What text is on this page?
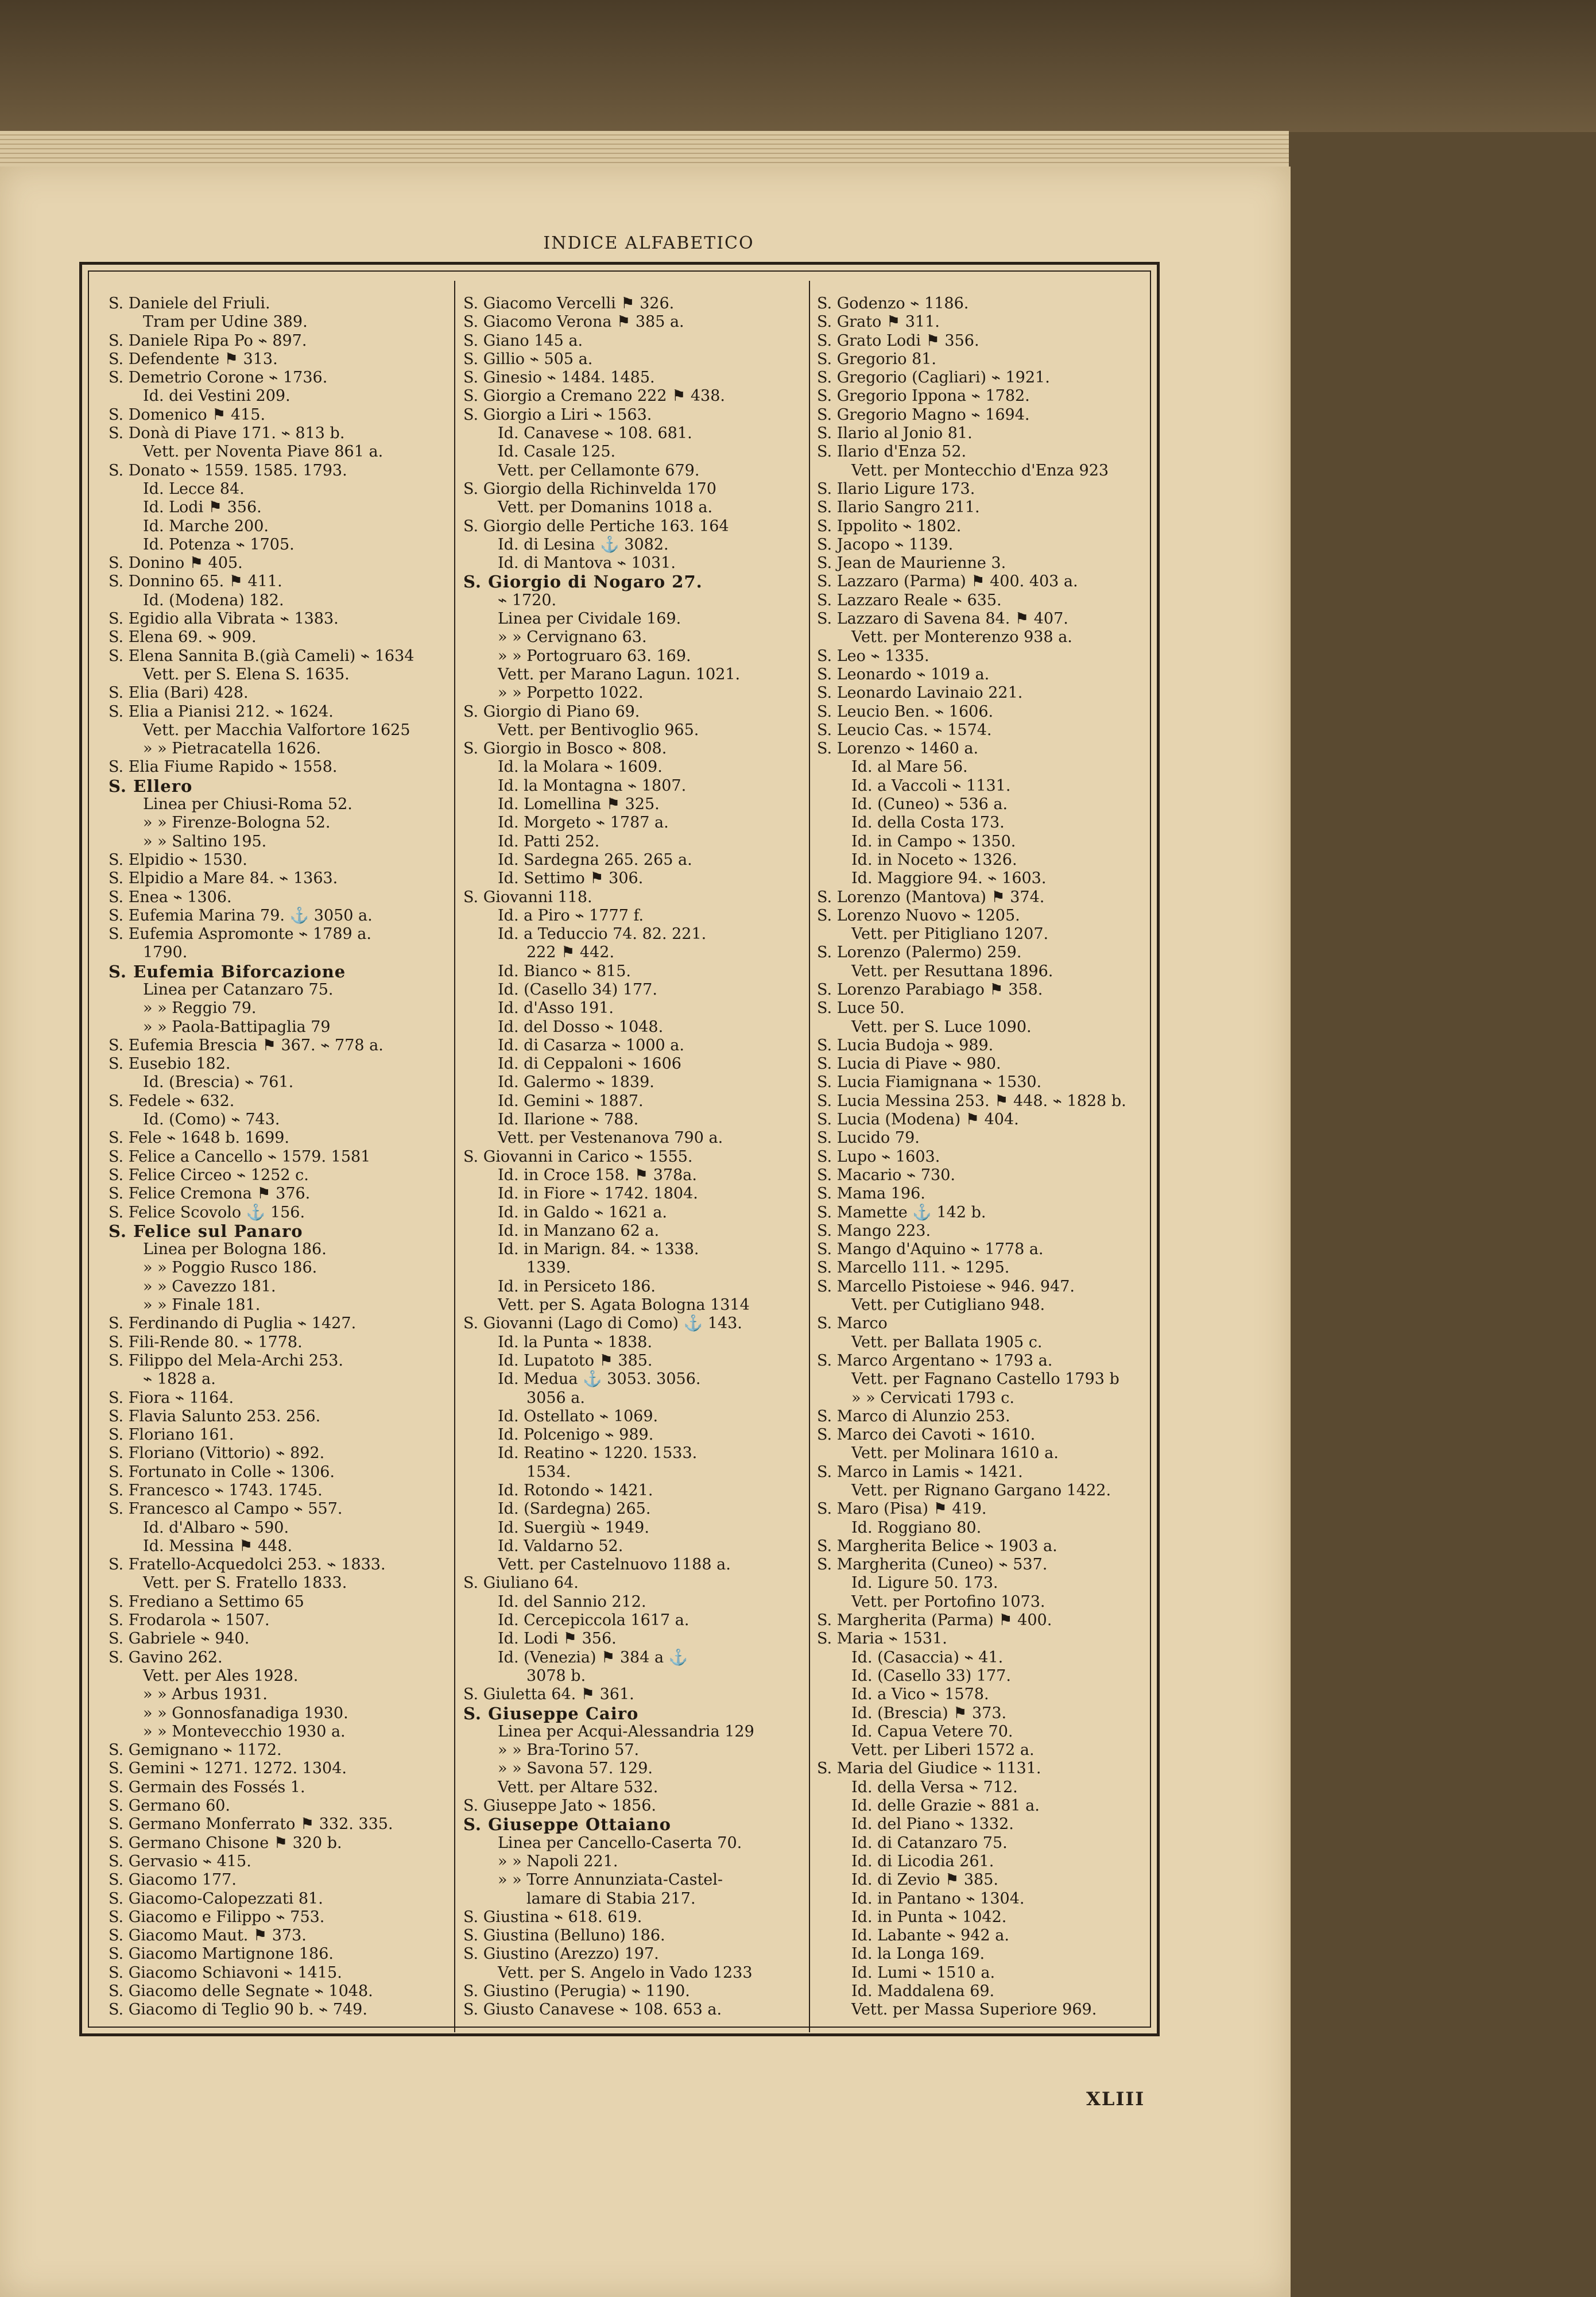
INDICE ALFABETICO
S. Daniele del Friuli.
Tram per Udine 389.
S. Daniele Ripa Po ⌁ 897.
S. Defendente ⚑ 313.
S. Demetrio Corone ⌁ 1736.
Id. dei Vestini 209.
S. Domenico ⚑ 415.
S. Donà di Piave 171. ⌁ 813 b.
Vett. per Noventa Piave 861 a.
S. Donato ⌁ 1559. 1585. 1793.
Id. Lecce 84.
Id. Lodi ⚑ 356.
Id. Marche 200.
Id. Potenza ⌁ 1705.
S. Donino ⚑ 405.
S. Donnino 65. ⚑ 411.
Id. (Modena) 182.
S. Egidio alla Vibrata ⌁ 1383.
S. Elena 69. ⌁ 909.
S. Elena Sannita B.(già Cameli) ⌁ 1634
Vett. per S. Elena S. 1635.
S. Elia (Bari) 428.
S. Elia a Pianisi 212. ⌁ 1624.
Vett. per Macchia Valfortore 1625
» » Pietracatella 1626.
S. Elia Fiume Rapido ⌁ 1558.
S. Ellero
Linea per Chiusi-Roma 52.
» » Firenze-Bologna 52.
» » Saltino 195.
S. Elpidio ⌁ 1530.
S. Elpidio a Mare 84. ⌁ 1363.
S. Enea ⌁ 1306.
S. Eufemia Marina 79. ⚓ 3050 a.
S. Eufemia Aspromonte ⌁ 1789 a.
1790.
S. Eufemia Biforcazione
Linea per Catanzaro 75.
» » Reggio 79.
» » Paola-Battipaglia 79
S. Eufemia Brescia ⚑ 367. ⌁ 778 a.
S. Eusebio 182.
Id. (Brescia) ⌁ 761.
S. Fedele ⌁ 632.
Id. (Como) ⌁ 743.
S. Fele ⌁ 1648 b. 1699.
S. Felice a Cancello ⌁ 1579. 1581
S. Felice Circeo ⌁ 1252 c.
S. Felice Cremona ⚑ 376.
S. Felice Scovolo ⚓ 156.
S. Felice sul Panaro
Linea per Bologna 186.
» » Poggio Rusco 186.
» » Cavezzo 181.
» » Finale 181.
S. Ferdinando di Puglia ⌁ 1427.
S. Fili-Rende 80. ⌁ 1778.
S. Filippo del Mela-Archi 253.
⌁ 1828 a.
S. Fiora ⌁ 1164.
S. Flavia Salunto 253. 256.
S. Floriano 161.
S. Floriano (Vittorio) ⌁ 892.
S. Fortunato in Colle ⌁ 1306.
S. Francesco ⌁ 1743. 1745.
S. Francesco al Campo ⌁ 557.
Id. d'Albaro ⌁ 590.
Id. Messina ⚑ 448.
S. Fratello-Acquedolci 253. ⌁ 1833.
Vett. per S. Fratello 1833.
S. Frediano a Settimo 65
S. Frodarola ⌁ 1507.
S. Gabriele ⌁ 940.
S. Gavino 262.
Vett. per Ales 1928.
» » Arbus 1931.
» » Gonnosfanadiga 1930.
» » Montevecchio 1930 a.
S. Gemignano ⌁ 1172.
S. Gemini ⌁ 1271. 1272. 1304.
S. Germain des Fossés 1.
S. Germano 60.
S. Germano Monferrato ⚑ 332. 335.
S. Germano Chisone ⚑ 320 b.
S. Gervasio ⌁ 415.
S. Giacomo 177.
S. Giacomo-Calopezzati 81.
S. Giacomo e Filippo ⌁ 753.
S. Giacomo Maut. ⚑ 373.
S. Giacomo Martignone 186.
S. Giacomo Schiavoni ⌁ 1415.
S. Giacomo delle Segnate ⌁ 1048.
S. Giacomo di Teglio 90 b. ⌁ 749.
S. Giacomo Vercelli ⚑ 326.
S. Giacomo Verona ⚑ 385 a.
S. Giano 145 a.
S. Gillio ⌁ 505 a.
S. Ginesio ⌁ 1484. 1485.
S. Giorgio a Cremano 222 ⚑ 438.
S. Giorgio a Liri ⌁ 1563.
Id. Canavese ⌁ 108. 681.
Id. Casale 125.
Vett. per Cellamonte 679.
S. Giorgio della Richinvelda 170
Vett. per Domanins 1018 a.
S. Giorgio delle Pertiche 163. 164
Id. di Lesina ⚓ 3082.
Id. di Mantova ⌁ 1031.
S. Giorgio di Nogaro 27.
⌁ 1720.
Linea per Cividale 169.
» » Cervignano 63.
» » Portogruaro 63. 169.
Vett. per Marano Lagun. 1021.
» » Porpetto 1022.
S. Giorgio di Piano 69.
Vett. per Bentivoglio 965.
S. Giorgio in Bosco ⌁ 808.
Id. la Molara ⌁ 1609.
Id. la Montagna ⌁ 1807.
Id. Lomellina ⚑ 325.
Id. Morgeto ⌁ 1787 a.
Id. Patti 252.
Id. Sardegna 265. 265 a.
Id. Settimo ⚑ 306.
S. Giovanni 118.
Id. a Piro ⌁ 1777 f.
Id. a Teduccio 74. 82. 221.
222 ⚑ 442.
Id. Bianco ⌁ 815.
Id. (Casello 34) 177.
Id. d'Asso 191.
Id. del Dosso ⌁ 1048.
Id. di Casarza ⌁ 1000 a.
Id. di Ceppaloni ⌁ 1606
Id. Galermo ⌁ 1839.
Id. Gemini ⌁ 1887.
Id. Ilarione ⌁ 788.
Vett. per Vestenanova 790 a.
S. Giovanni in Carico ⌁ 1555.
Id. in Croce 158. ⚑ 378a.
Id. in Fiore ⌁ 1742. 1804.
Id. in Galdo ⌁ 1621 a.
Id. in Manzano 62 a.
Id. in Marign. 84. ⌁ 1338.
1339.
Id. in Persiceto 186.
Vett. per S. Agata Bologna 1314
S. Giovanni (Lago di Como) ⚓ 143.
Id. la Punta ⌁ 1838.
Id. Lupatoto ⚑ 385.
Id. Medua ⚓ 3053. 3056.
3056 a.
Id. Ostellato ⌁ 1069.
Id. Polcenigo ⌁ 989.
Id. Reatino ⌁ 1220. 1533.
1534.
Id. Rotondo ⌁ 1421.
Id. (Sardegna) 265.
Id. Suergiù ⌁ 1949.
Id. Valdarno 52.
Vett. per Castelnuovo 1188 a.
S. Giuliano 64.
Id. del Sannio 212.
Id. Cercepiccola 1617 a.
Id. Lodi ⚑ 356.
Id. (Venezia) ⚑ 384 a ⚓
3078 b.
S. Giuletta 64. ⚑ 361.
S. Giuseppe Cairo
Linea per Acqui-Alessandria 129
» » Bra-Torino 57.
» » Savona 57. 129.
Vett. per Altare 532.
S. Giuseppe Jato ⌁ 1856.
S. Giuseppe Ottaiano
Linea per Cancello-Caserta 70.
» » Napoli 221.
» » Torre Annunziata-Castel-
lamare di Stabia 217.
S. Giustina ⌁ 618. 619.
S. Giustina (Belluno) 186.
S. Giustino (Arezzo) 197.
Vett. per S. Angelo in Vado 1233
S. Giustino (Perugia) ⌁ 1190.
S. Giusto Canavese ⌁ 108. 653 a.
S. Godenzo ⌁ 1186.
S. Grato ⚑ 311.
S. Grato Lodi ⚑ 356.
S. Gregorio 81.
S. Gregorio (Cagliari) ⌁ 1921.
S. Gregorio Ippona ⌁ 1782.
S. Gregorio Magno ⌁ 1694.
S. Ilario al Jonio 81.
S. Ilario d'Enza 52.
Vett. per Montecchio d'Enza 923
S. Ilario Ligure 173.
S. Ilario Sangro 211.
S. Ippolito ⌁ 1802.
S. Jacopo ⌁ 1139.
S. Jean de Maurienne 3.
S. Lazzaro (Parma) ⚑ 400. 403 a.
S. Lazzaro Reale ⌁ 635.
S. Lazzaro di Savena 84. ⚑ 407.
Vett. per Monterenzo 938 a.
S. Leo ⌁ 1335.
S. Leonardo ⌁ 1019 a.
S. Leonardo Lavinaio 221.
S. Leucio Ben. ⌁ 1606.
S. Leucio Cas. ⌁ 1574.
S. Lorenzo ⌁ 1460 a.
Id. al Mare 56.
Id. a Vaccoli ⌁ 1131.
Id. (Cuneo) ⌁ 536 a.
Id. della Costa 173.
Id. in Campo ⌁ 1350.
Id. in Noceto ⌁ 1326.
Id. Maggiore 94. ⌁ 1603.
S. Lorenzo (Mantova) ⚑ 374.
S. Lorenzo Nuovo ⌁ 1205.
Vett. per Pitigliano 1207.
S. Lorenzo (Palermo) 259.
Vett. per Resuttana 1896.
S. Lorenzo Parabiago ⚑ 358.
S. Luce 50.
Vett. per S. Luce 1090.
S. Lucia Budoja ⌁ 989.
S. Lucia di Piave ⌁ 980.
S. Lucia Fiamignana ⌁ 1530.
S. Lucia Messina 253. ⚑ 448. ⌁ 1828 b.
S. Lucia (Modena) ⚑ 404.
S. Lucido 79.
S. Lupo ⌁ 1603.
S. Macario ⌁ 730.
S. Mama 196.
S. Mamette ⚓ 142 b.
S. Mango 223.
S. Mango d'Aquino ⌁ 1778 a.
S. Marcello 111. ⌁ 1295.
S. Marcello Pistoiese ⌁ 946. 947.
Vett. per Cutigliano 948.
S. Marco
Vett. per Ballata 1905 c.
S. Marco Argentano ⌁ 1793 a.
Vett. per Fagnano Castello 1793 b
» » Cervicati 1793 c.
S. Marco di Alunzio 253.
S. Marco dei Cavoti ⌁ 1610.
Vett. per Molinara 1610 a.
S. Marco in Lamis ⌁ 1421.
Vett. per Rignano Gargano 1422.
S. Maro (Pisa) ⚑ 419.
Id. Roggiano 80.
S. Margherita Belice ⌁ 1903 a.
S. Margherita (Cuneo) ⌁ 537.
Id. Ligure 50. 173.
Vett. per Portofino 1073.
S. Margherita (Parma) ⚑ 400.
S. Maria ⌁ 1531.
Id. (Casaccia) ⌁ 41.
Id. (Casello 33) 177.
Id. a Vico ⌁ 1578.
Id. (Brescia) ⚑ 373.
Id. Capua Vetere 70.
Vett. per Liberi 1572 a.
S. Maria del Giudice ⌁ 1131.
Id. della Versa ⌁ 712.
Id. delle Grazie ⌁ 881 a.
Id. del Piano ⌁ 1332.
Id. di Catanzaro 75.
Id. di Licodia 261.
Id. di Zevio ⚑ 385.
Id. in Pantano ⌁ 1304.
Id. in Punta ⌁ 1042.
Id. Labante ⌁ 942 a.
Id. la Longa 169.
Id. Lumi ⌁ 1510 a.
Id. Maddalena 69.
Vett. per Massa Superiore 969.
XLIII
